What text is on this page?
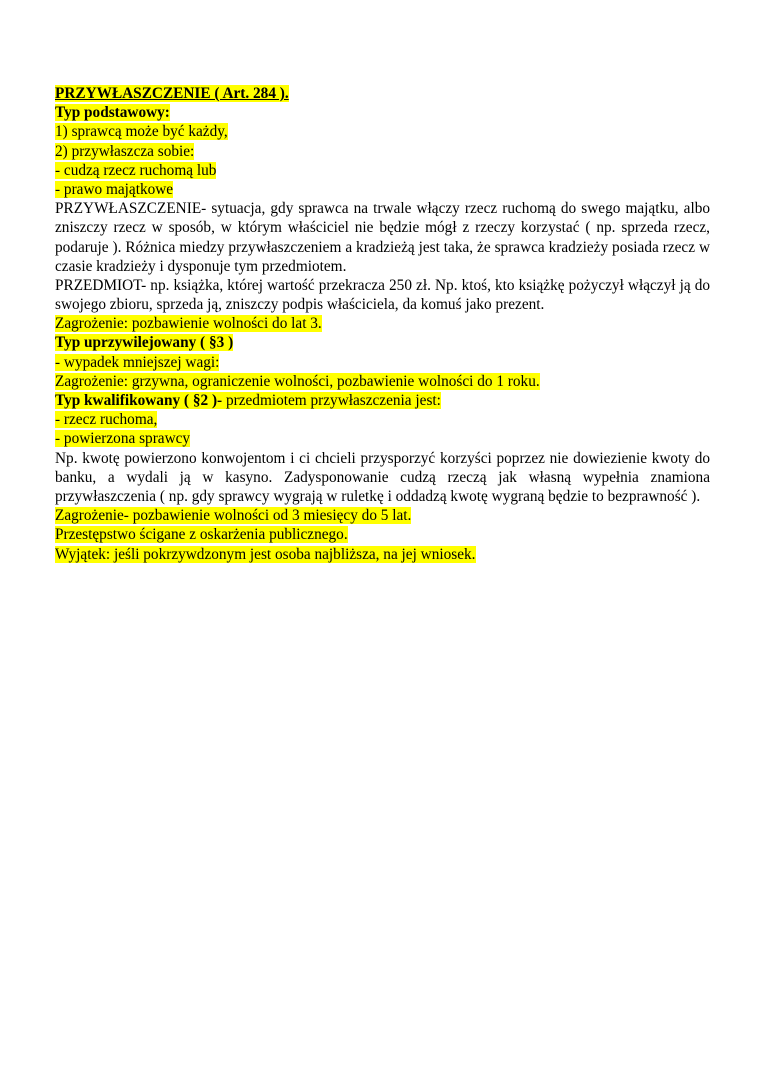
PRZYWŁASZCZENIE ( Art. 284 ).
Typ podstawowy:
1) sprawcą może być każdy,
2) przywłaszcza sobie:
- cudzą rzecz ruchomą lub
- prawo majątkowe

PRZYWŁASZCZENIE- sytuacja, gdy sprawca na trwale włączy rzecz ruchomą do swego majątku, albo zniszczy rzecz w sposób, w którym właściciel nie będzie mógł z rzeczy korzystać ( np. sprzeda rzecz, podaruje ). Różnica miedzy przywłaszczeniem a kradzieżą jest taka, że sprawca kradzieży posiada rzecz w czasie kradzieży i dysponuje tym przedmiotem.

PRZEDMIOT- np. książka, której wartość przekracza 250 zł. Np. ktoś, kto książkę pożyczył włączył ją do swojego zbioru, sprzeda ją, zniszczy podpis właściciela, da komuś jako prezent.

Zagrożenie: pozbawienie wolności do lat 3.
Typ uprzywilejowany ( §3 )
- wypadek mniejszej wagi:
Zagrożenie: grzywna, ograniczenie wolności, pozbawienie wolności do 1 roku.
Typ kwalifikowany ( §2 )- przedmiotem przywłaszczenia jest:
- rzecz ruchoma,
- powierzona sprawcy

Np. kwotę powierzono konwojentom i ci chcieli przysporzyć korzyści poprzez nie dowiezienie kwoty do banku, a wydali ją w kasyno. Zadysponowanie cudzą rzeczą jak własną wypełnia znamiona przywłaszczenia ( np. gdy sprawcy wygrają w ruletkę i oddadzą kwotę wygraną będzie to bezprawność ).

Zagrożenie- pozbawienie wolności od 3 miesięcy do 5 lat.
Przestępstwo ścigane z oskarżenia publicznego.
Wyjątek: jeśli pokrzywdzonym jest osoba najbliższa, na jej wniosek.
